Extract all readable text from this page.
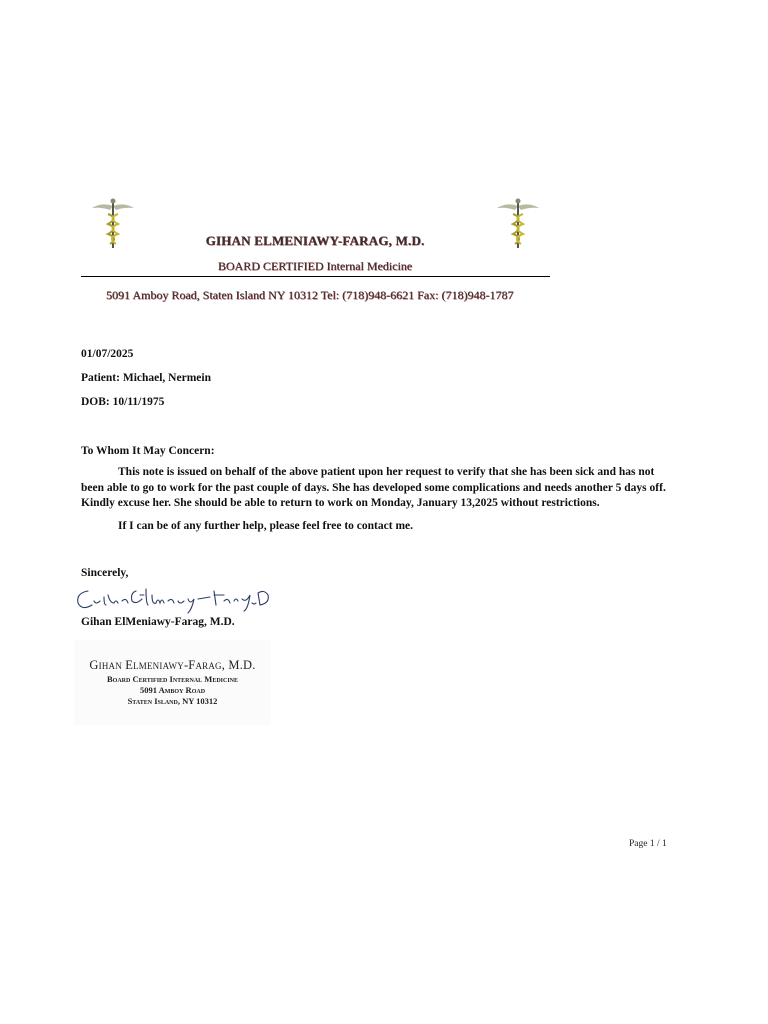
GIHAN ELMENIAWY-FARAG, M.D.
BOARD CERTIFIED Internal Medicine
5091 Amboy Road, Staten Island NY 10312 Tel: (718)948-6621 Fax: (718)948-1787
01/07/2025
Patient: Michael, Nermein
DOB: 10/11/1975
To Whom It May Concern:
This note is issued on behalf of the above patient upon her request to verify that she has been sick and has not been able to go to work for the past couple of days. She has developed some complications and needs another 5 days off. Kindly excuse her. She should be able to return to work on Monday, January 13,2025 without restrictions.
If I can be of any further help, please feel free to contact me.
Sincerely,
Gihan ElMeniawy-Farag, M.D.
Gihan Elmeniawy-Farag, M.D.
Board Certified Internal Medicine
5091 Amboy Road
Staten Island, NY 10312
Page 1 / 1
